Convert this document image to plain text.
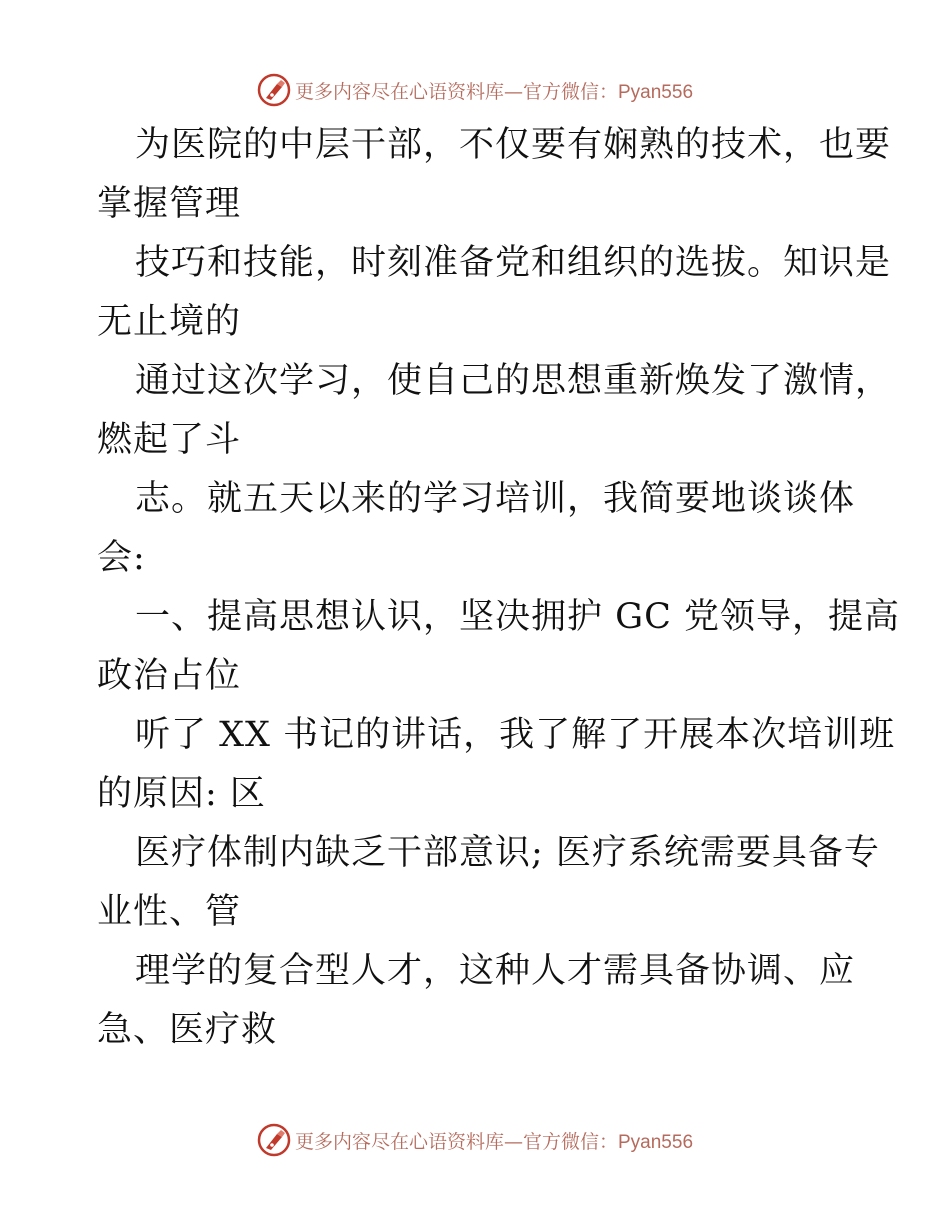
更多内容尽在心语资料库—官方微信：Pyan556
为医院的中层干部，不仅要有娴熟的技术，也要
掌握管理
技巧和技能，时刻准备党和组织的选拔。知识是
无止境的
通过这次学习，使自己的思想重新焕发了激情，
燃起了斗
志。就五天以来的学习培训，我简要地谈谈体
会:
一、提高思想认识，坚决拥护 GC 党领导，提高
政治占位
听了 XX 书记的讲话，我了解了开展本次培训班
的原因: 区
医疗体制内缺乏干部意识; 医疗系统需要具备专
业性、管
理学的复合型人才，这种人才需具备协调、应
急、医疗救
更多内容尽在心语资料库—官方微信：Pyan556
